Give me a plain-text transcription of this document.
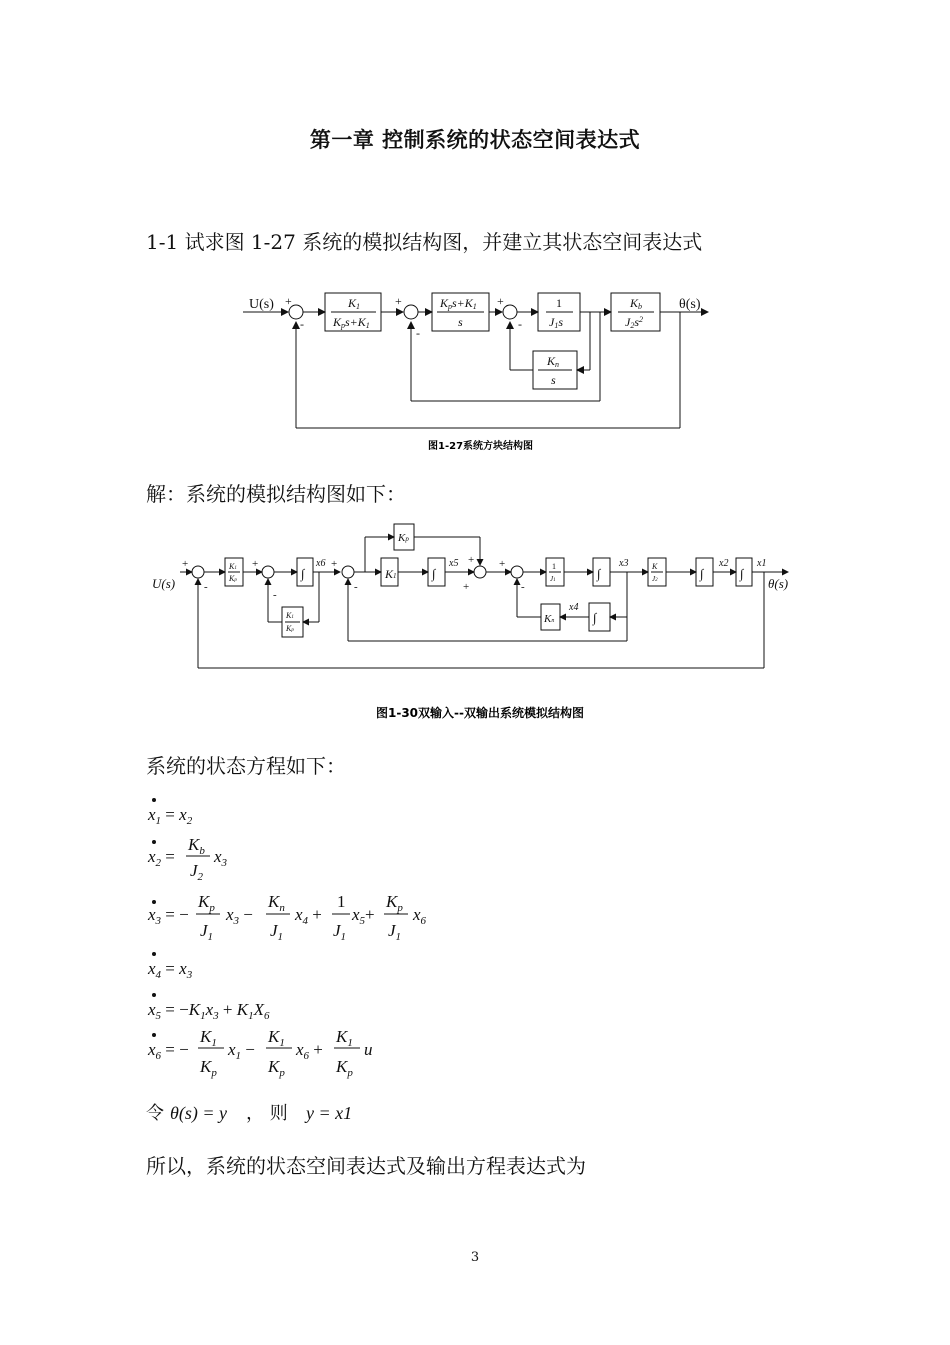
第一章 控制系统的状态空间表达式
1-1 试求图 1-27 系统的模拟结构图，并建立其状态空间表达式
U(s)	θ(s)
+
-
+
-
+
-
K1
Kps+K1
Kps+K1
s
1
J1s
Kb
$J2s^2$
Kn
s
图1-27系统方块结构图
解：系统的模拟结构图如下：
U(s)	θ(s)
+
-
+
-
+
-
+
+
+
-
K1
Kp	∫	K1	∫
Kp
1
J1	∫	K
J2	∫	∫
K1
Kp
∫
Kn
x6	x5	x3
x4
x2	x1
图1-30双输入--双输出系统模拟结构图
系统的状态方程如下：
$x_1 = x_2$
$x_2$ =
$K_b$
$J_2$
$x_3$
$x_3$ = −
$K_p$
$J_1$
$x_3$ −
$K_n$
$J_1$
$x_4$ +
1
$J_1$
$x_5+$
$K_p$
$J_1$
$x_6$
$x_4 = x_3$
$x_5 = -K_1x_3 + K_1X_6$
$x_6$ = −
$K_1$
$K_p$
$x_1$ −
$K_1$
$K_p$
$x_6$ +
$K_1$
$K_p$
u
令 θ(s) = y ， 则 y = x1
所以，系统的状态空间表达式及输出方程表达式为
3
